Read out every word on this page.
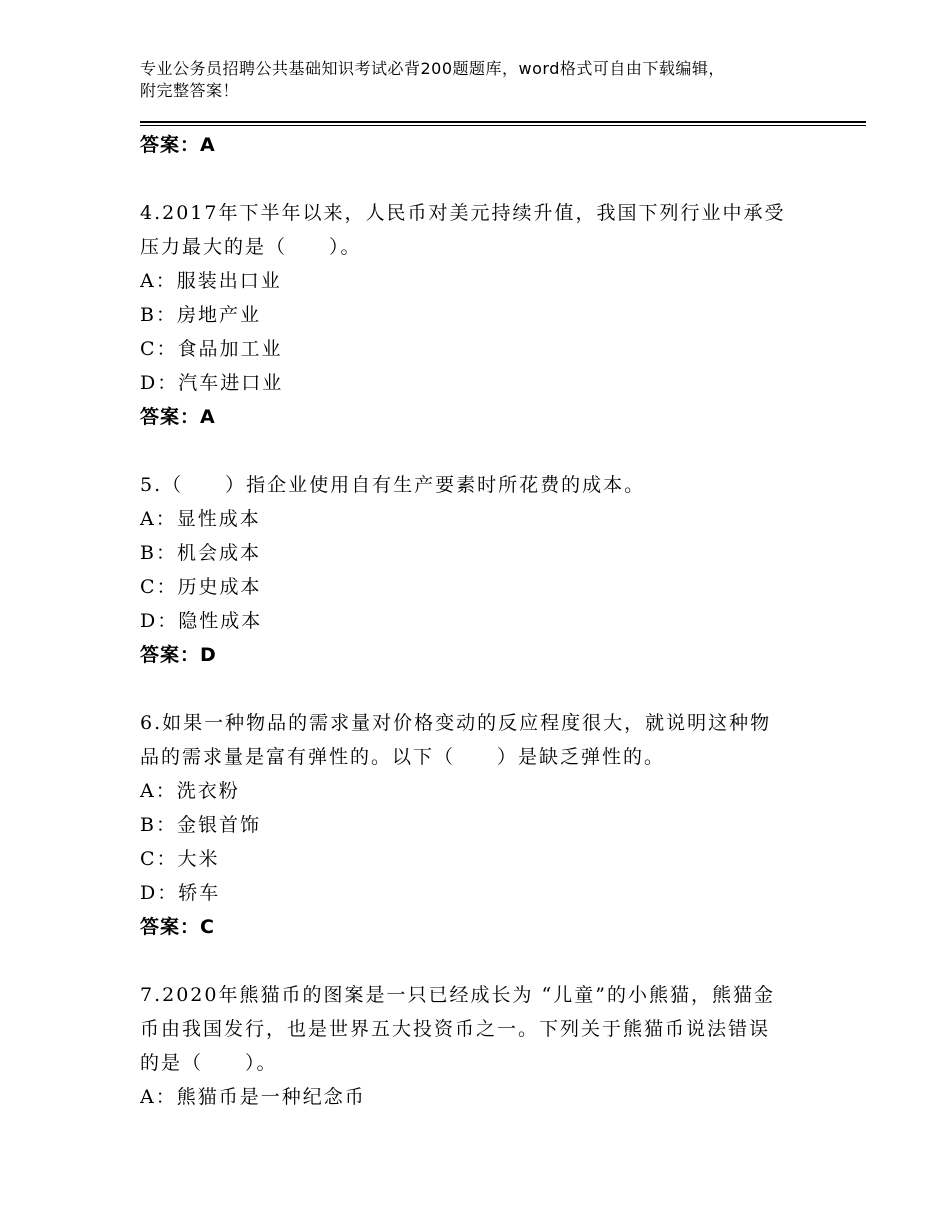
专业公务员招聘公共基础知识考试必背200题题库，word格式可自由下载编辑，
附完整答案！
答案：A
4.2017年下半年以来，人民币对美元持续升值，我国下列行业中承受
压力最大的是（　　）。
A：服装出口业
B：房地产业
C：食品加工业
D：汽车进口业
答案：A
5.（　　）指企业使用自有生产要素时所花费的成本。
A：显性成本
B：机会成本
C：历史成本
D：隐性成本
答案：D
6.如果一种物品的需求量对价格变动的反应程度很大，就说明这种物
品的需求量是富有弹性的。以下（　　）是缺乏弹性的。
A：洗衣粉
B：金银首饰
C：大米
D：轿车
答案：C
7.2020年熊猫币的图案是一只已经成长为 “儿童”的小熊猫，熊猫金
币由我国发行，也是世界五大投资币之一。下列关于熊猫币说法错误
的是（　　）。
A：熊猫币是一种纪念币
